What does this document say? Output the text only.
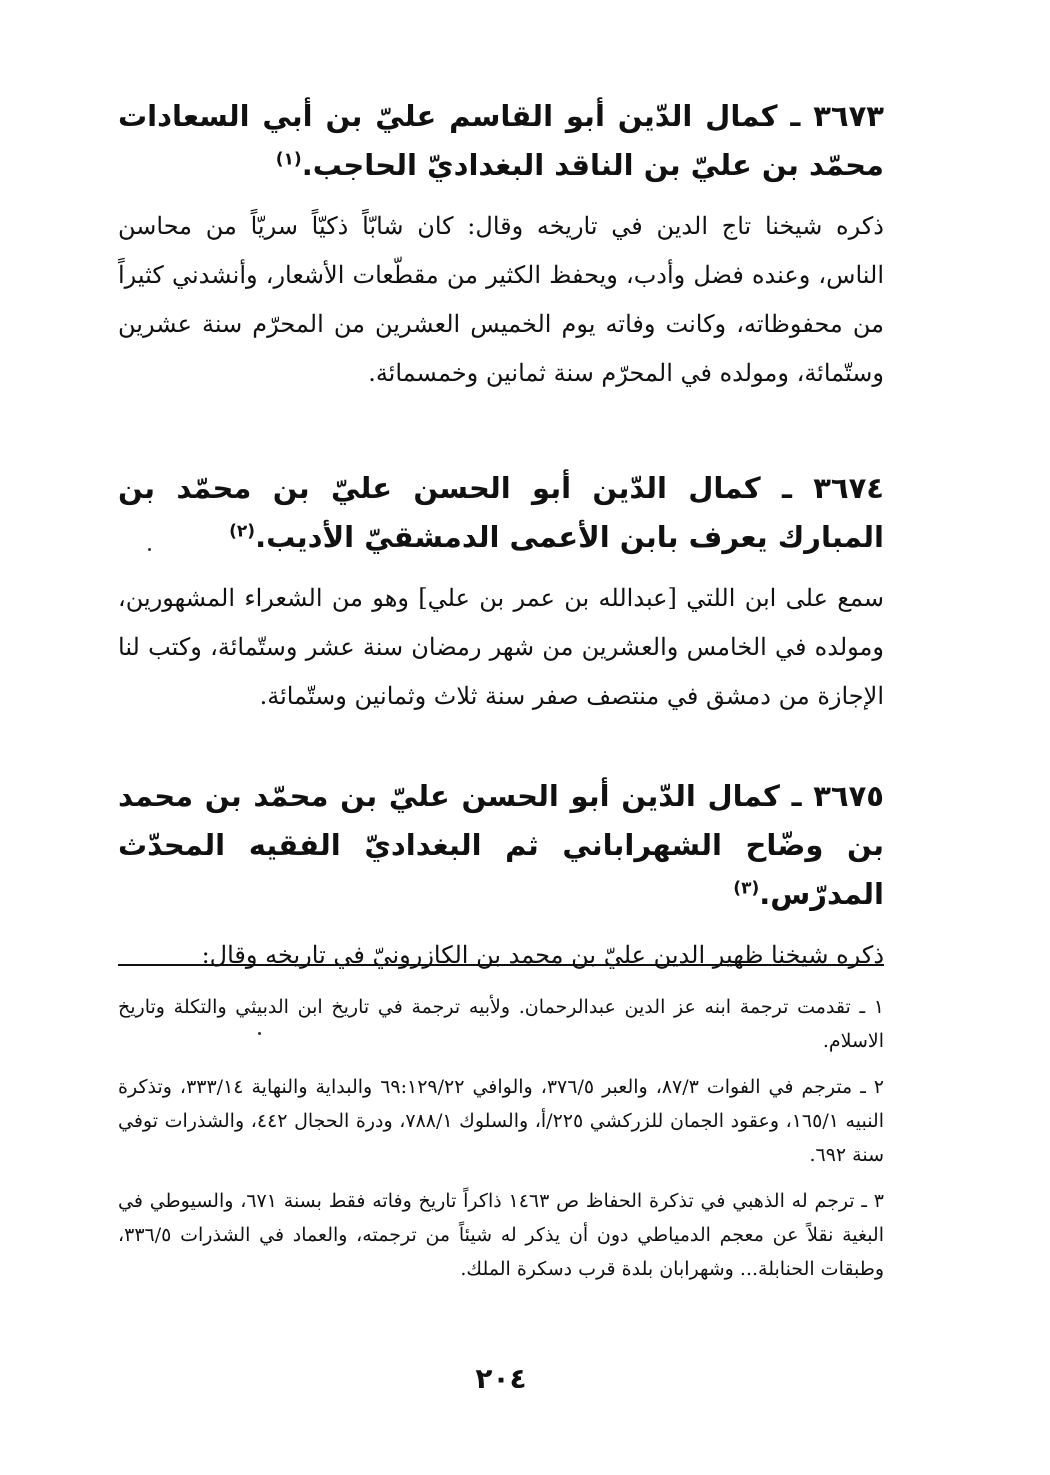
٣٦٧٣ ـ كمال الدّين أبو القاسم عليّ بن أبي السعادات محمّد بن عليّ بن الناقد البغداديّ الحاجب.$^{(١)}$

ذكره شيخنا تاج الدين في تاريخه وقال: كان شابّاً ذكيّاً سريّاً من محاسن الناس، وعنده فضل وأدب، ويحفظ الكثير من مقطّعات الأشعار، وأنشدني كثيراً من محفوظاته، وكانت وفاته يوم الخميس العشرين من المحرّم سنة عشرين وستّمائة، ومولده في المحرّم سنة ثمانين وخمسمائة.

٣٦٧٤ ـ كمال الدّين أبو الحسن عليّ بن محمّد بن المبارك يعرف بابن الأعمى الدمشقيّ الأديب.$^{(٢)}$

سمع على ابن اللتي [عبدالله بن عمر بن علي] وهو من الشعراء المشهورين، ومولده في الخامس والعشرين من شهر رمضان سنة عشر وستّمائة، وكتب لنا الإجازة من دمشق في منتصف صفر سنة ثلاث وثمانين وستّمائة.

٣٦٧٥ ـ كمال الدّين أبو الحسن عليّ بن محمّد بن محمد بن وضّاح الشهراباني ثم البغداديّ الفقيه المحدّث المدرّس.$^{(٣)}$

ذكره شيخنا ظهير الدين عليّ بن محمد بن الكازرونيّ في تاريخه وقال:

١ ـ تقدمت ترجمة ابنه عز الدين عبدالرحمان. ولأبيه ترجمة في تاريخ ابن الدبيثي والتكلة وتاريخ الاسلام.

٢ ـ مترجم في الفوات ٨٧/٣، والعبر ٣٧٦/٥، والوافي ٦٩:١٢٩/٢٢ والبداية والنهاية ٣٣٣/١٤، وتذكرة النبيه ١٦٥/١، وعقود الجمان للزركشي ٢٢٥/أ، والسلوك ٧٨٨/١، ودرة الحجال ٤٤٢، والشذرات توفي سنة ٦٩٢.

٣ ـ ترجم له الذهبي في تذكرة الحفاظ ص ١٤٦٣ ذاكراً تاريخ وفاته فقط بسنة ٦٧١، والسيوطي في البغية نقلاً عن معجم الدمياطي دون أن يذكر له شيئاً من ترجمته، والعماد في الشذرات ٣٣٦/٥، وطبقات الحنابلة... وشهرابان بلدة قرب دسكرة الملك.

٢٠٤
